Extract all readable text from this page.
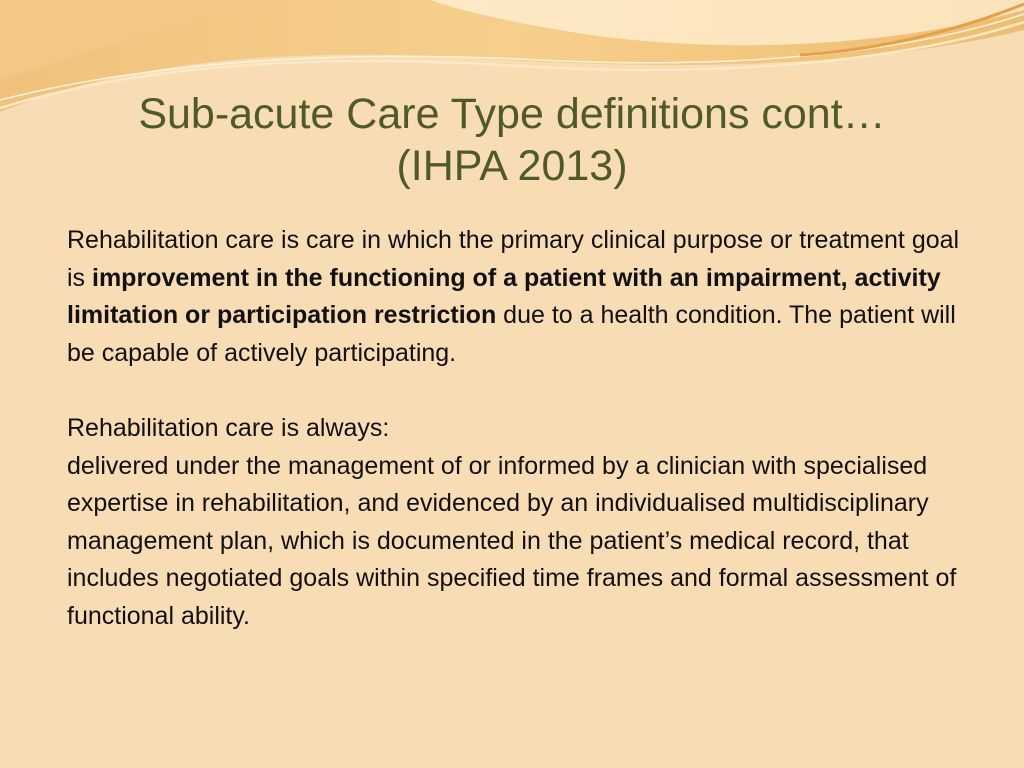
Sub-acute Care Type definitions cont…
(IHPA 2013)

Rehabilitation care is care in which the primary clinical purpose or treatment goal is improvement in the functioning of a patient with an impairment, activity limitation or participation restriction due to a health condition. The patient will be capable of actively participating.

Rehabilitation care is always:

delivered under the management of or informed by a clinician with specialised expertise in rehabilitation, and evidenced by an individualised multidisciplinary management plan, which is documented in the patient’s medical record, that includes negotiated goals within specified time frames and formal assessment of functional ability.
